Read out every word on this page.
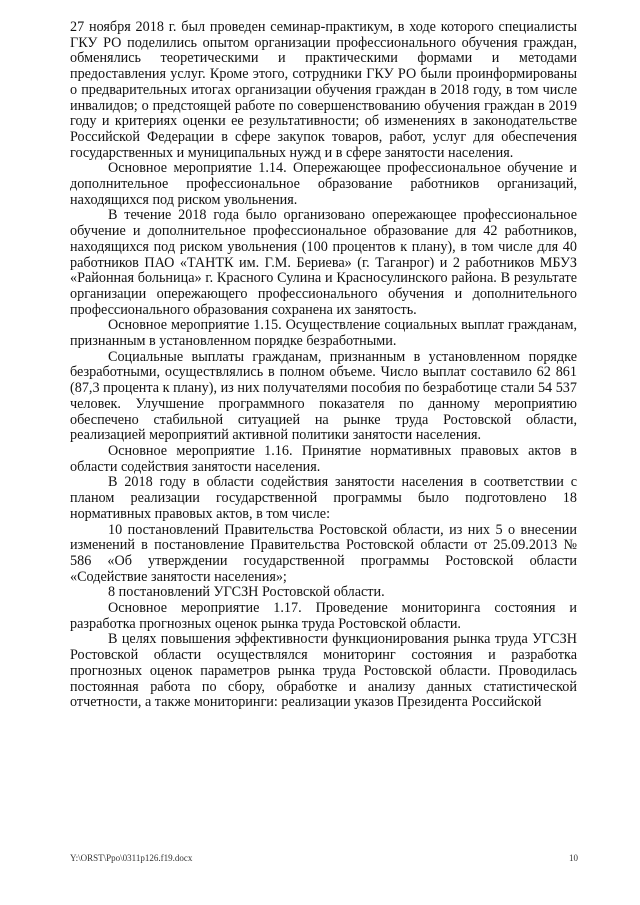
27 ноября 2018 г. был проведен семинар-практикум, в ходе которого специалисты ГКУ РО поделились опытом организации профессионального обучения граждан, обменялись теоретическими и практическими формами и методами предоставления услуг. Кроме этого, сотрудники ГКУ РО были проинформированы о предварительных итогах организации обучения граждан в 2018 году, в том числе инвалидов; о предстоящей работе по совершенствованию обучения граждан в 2019 году и критериях оценки ее результативности; об изменениях в законодательстве Российской Федерации в сфере закупок товаров, работ, услуг для обеспечения государственных и муниципальных нужд и в сфере занятости населения.

Основное мероприятие 1.14. Опережающее профессиональное обучение и дополнительное профессиональное образование работников организаций, находящихся под риском увольнения.

В течение 2018 года было организовано опережающее профессиональное обучение и дополнительное профессиональное образование для 42 работников, находящихся под риском увольнения (100 процентов к плану), в том числе для 40 работников ПАО «ТАНТК им. Г.М. Бериева» (г. Таганрог) и 2 работников МБУЗ «Районная больница» г. Красного Сулина и Красносулинского района. В результате организации опережающего профессионального обучения и дополнительного профессионального образования сохранена их занятость.

Основное мероприятие 1.15. Осуществление социальных выплат гражданам, признанным в установленном порядке безработными.

Социальные выплаты гражданам, признанным в установленном порядке безработными, осуществлялись в полном объеме. Число выплат составило 62 861 (87,3 процента к плану), из них получателями пособия по безработице стали 54 537 человек. Улучшение программного показателя по данному мероприятию обеспечено стабильной ситуацией на рынке труда Ростовской области, реализацией мероприятий активной политики занятости населения.

Основное мероприятие 1.16. Принятие нормативных правовых актов в области содействия занятости населения.

В 2018 году в области содействия занятости населения в соответствии с планом реализации государственной программы было подготовлено 18 нормативных правовых актов, в том числе:

10 постановлений Правительства Ростовской области, из них 5 о внесении изменений в постановление Правительства Ростовской области от 25.09.2013 № 586 «Об утверждении государственной программы Ростовской области «Содействие занятости населения»;

8 постановлений УГСЗН Ростовской области.

Основное мероприятие 1.17. Проведение мониторинга состояния и разработка прогнозных оценок рынка труда Ростовской области.

В целях повышения эффективности функционирования рынка труда УГСЗН Ростовской области осуществлялся мониторинг состояния и разработка прогнозных оценок параметров рынка труда Ростовской области. Проводилась постоянная работа по сбору, обработке и анализу данных статистической отчетности, а также мониторинги: реализации указов Президента Российской

Y:\ORST\Ppo\0311p126.f19.docx	10
